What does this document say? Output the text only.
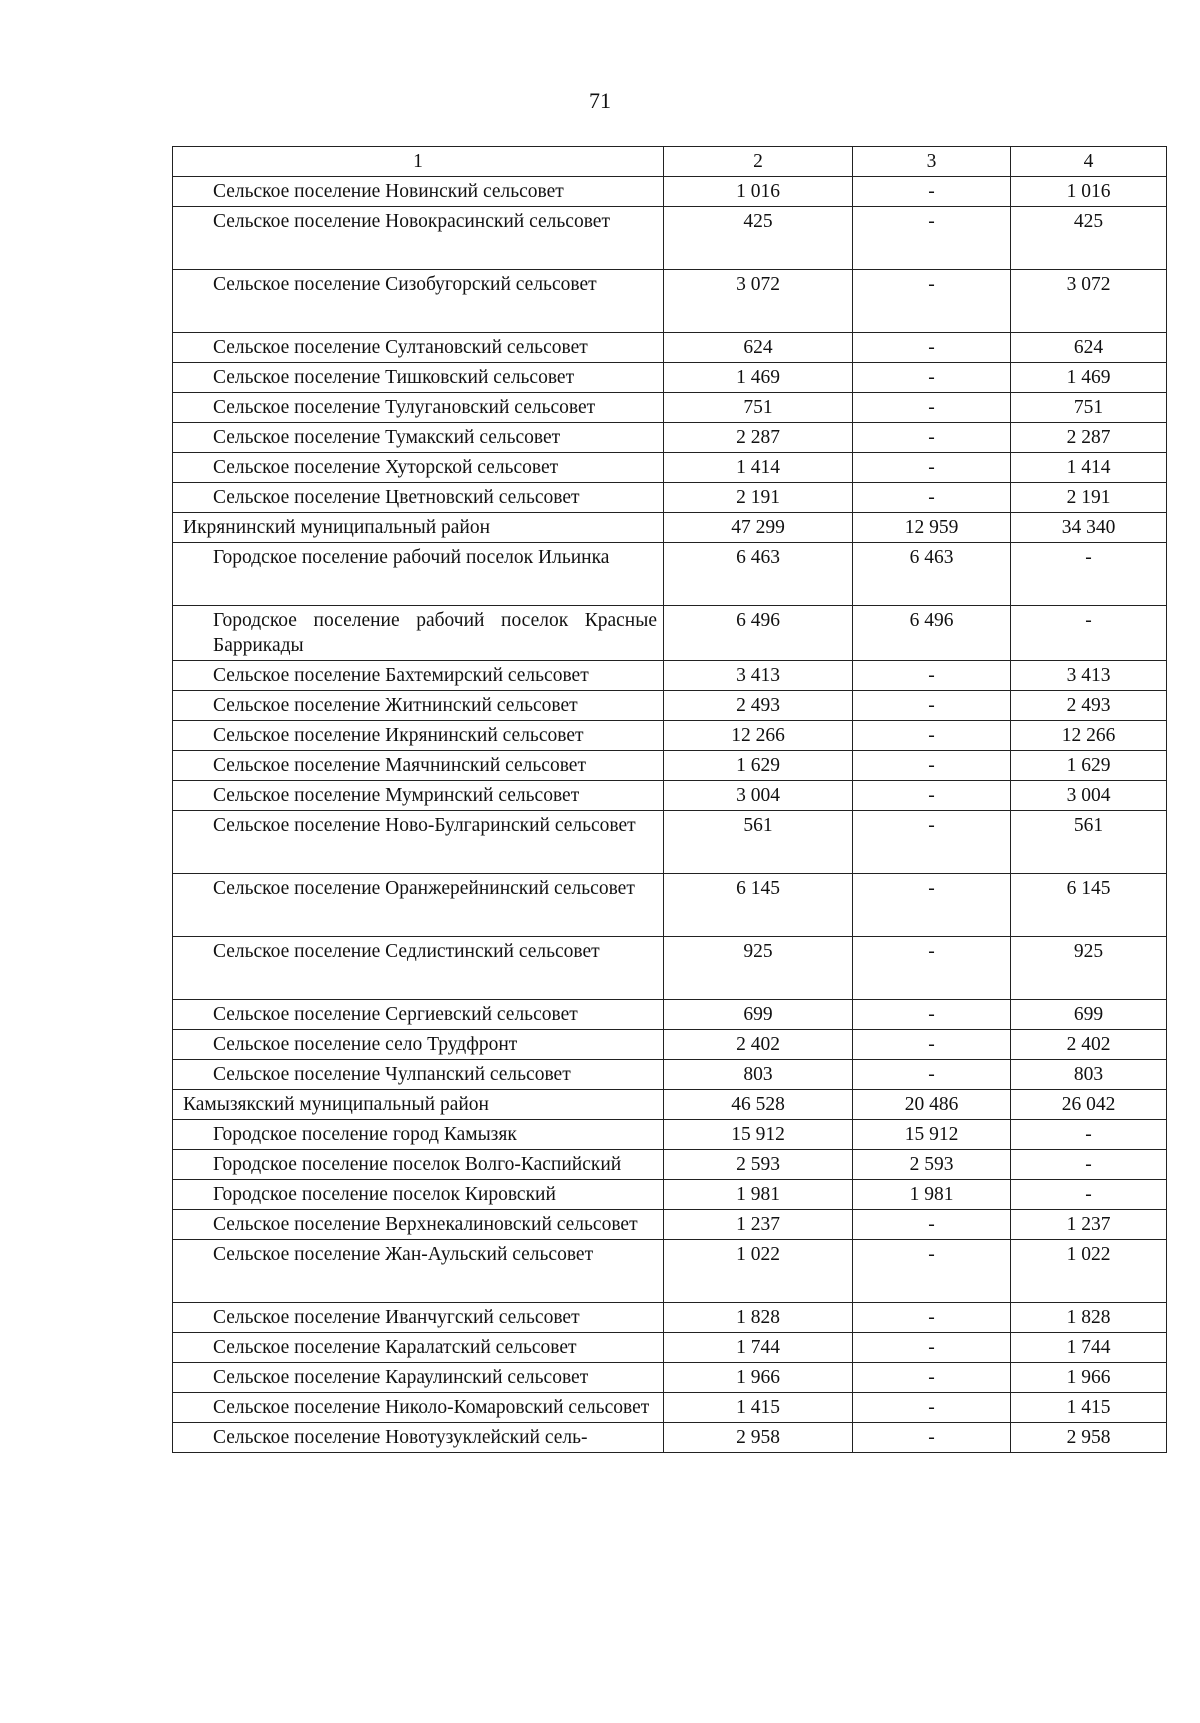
71
1	2	3	4
Сельское поселение Новинский сельсовет	1 016	-	1 016
Сельское поселение Новокрасинский сельсовет	425	-	425
Сельское поселение Сизобугорский сельсовет	3 072	-	3 072
Сельское поселение Султановский сельсовет	624	-	624
Сельское поселение Тишковский сельсовет	1 469	-	1 469
Сельское поселение Тулугановский сельсовет	751	-	751
Сельское поселение Тумакский сельсовет	2 287	-	2 287
Сельское поселение Хуторской сельсовет	1 414	-	1 414
Сельское поселение Цветновский сельсовет	2 191	-	2 191
Икрянинский муниципальный район	47 299	12 959	34 340
Городское поселение рабочий поселок Ильинка	6 463	6 463	-
Городское поселение рабочий поселок Красные Баррикады	6 496	6 496	-
Сельское поселение Бахтемирский сельсовет	3 413	-	3 413
Сельское поселение Житнинский сельсовет	2 493	-	2 493
Сельское поселение Икрянинский сельсовет	12 266	-	12 266
Сельское поселение Маячнинский сельсовет	1 629	-	1 629
Сельское поселение Мумринский сельсовет	3 004	-	3 004
Сельское поселение Ново-Булгаринский сельсовет	561	-	561
Сельское поселение Оранжерейнинский сельсовет	6 145	-	6 145
Сельское поселение Седлистинский сельсовет	925	-	925
Сельское поселение Сергиевский сельсовет	699	-	699
Сельское поселение село Трудфронт	2 402	-	2 402
Сельское поселение Чулпанский сельсовет	803	-	803
Камызякский муниципальный район	46 528	20 486	26 042
Городское поселение город Камызяк	15 912	15 912	-
Городское поселение поселок Волго-Каспийский	2 593	2 593	-
Городское поселение поселок Кировский	1 981	1 981	-
Сельское поселение Верхнекалиновский сельсовет	1 237	-	1 237
Сельское поселение Жан-Аульский сельсовет	1 022	-	1 022
Сельское поселение Иванчугский сельсовет	1 828	-	1 828
Сельское поселение Каралатский сельсовет	1 744	-	1 744
Сельское поселение Караулинский сельсовет	1 966	-	1 966
Сельское поселение Николо-Комаровский сельсовет	1 415	-	1 415
Сельское поселение Новотузуклейский сель-	2 958	-	2 958
